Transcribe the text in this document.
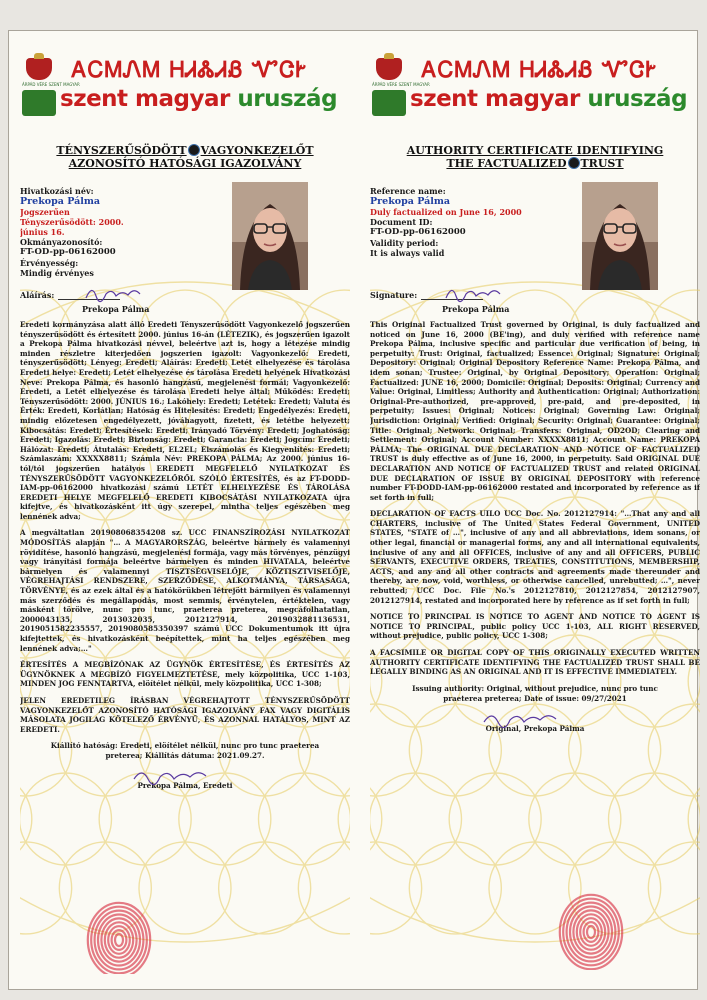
ÁRPÁD VÉRE SZENT MAGYAR
ᎪᏟᎷᏁᎷ ᎻᏗᏜᏗᏰ ᏉᏣᎨ
szent magyar uruszág
TÉNYSZERŰSÖDÖTT VAGYONKEZELŐT
AZONOSÍTÓ HATÓSÁGI IGAZOLVÁNY
Hivatkozási név:
Prekopa Pálma
Jogszerűen Tényszerűsödött: 2000. június 16.
Okmányazonosító:
FT-OD-pp-06162000
Érvényesség:
Mindig érvényes
Aláírás:
Prekopa Pálma

Eredeti kormányzása alatt álló Eredeti Tényszerűsödött Vagyonkezelő jogszerűen tényszerűsödött és értesített 2000. június 16-án (LÉTEZIK), és jogszerűen igazolt a Prekopa Pálma hivatkozási névvel, beleértve azt is, hogy a létezése mindig minden részletre kiterjedően jogszerien igazolt: Vagyonkezelő: Eredeti, tényszerűsödött; Lényeg: Eredeti; Aláírás: Eredeti; Letét elhelyezése és tárolása Eredeti helye: Eredeti; Letét elhelyezése és tárolása Eredeti helyének Hivatkozási Neve: Prekopa Pálma, és hasonló hangzású, megjelenési formái; Vagyonkezelő: Eredeti, a Letét elhelyezése és tárolása Eredeti helye által; Működés: Eredeti; Tényszerűsödött: 2000. JÚNIUS 16.; Lakóhely: Eredeti; Letétek: Eredeti; Valuta és Érték: Eredeti, Korlátlan; Hatóság és Hitelesítés: Eredeti; Engedélyezés: Eredeti, mindig előzetesen engedélyezett, jóváhagyott, fizetett, és letétbe helyezett; Kibocsátás: Eredeti; Értesítések: Eredeti; Irányadó Törvény: Eredeti; Joghatóság: Eredeti; Igazolás: Eredeti; Biztonság: Eredeti; Garancia: Eredeti; Jogcím: Eredeti; Hálózat: Eredeti; Átutalás: Eredeti, EL2EL; Elszámolás és Kiegyenlítés: Eredeti; Számlaszám: XXXXX8811; Számla Név: PREKOPA PÁLMA; Az 2000. június 16-tól/tól jogszerűen hatályos EREDETI MEGFELELŐ NYILATKOZAT ÉS TÉNYSZERŰSÖDÖTT VAGYONKEZELŐRŐL SZÓLÓ ÉRTESÍTÉS, és az FT-DODD-IAM-pp-06162000 hivatkozási számú LETÉT ELHELYEZÉSE ÉS TÁROLÁSA EREDETI HELYE MEGFELELŐ EREDETI KIBOCSÁTÁSI NYILATKOZATA újra kifejtve, és hivatkozásként itt úgy szerepel, mintha teljes egészében meg lennének adva;

A megváltatlan 201908068354208 sz. UCC FINANSZÍROZÁSI NYILATKOZAT MÓDOSÍTÁS alapján "… A MAGYARORSZÁG, beleértve bármely és valamennyi rövidítése, hasonló hangzású, megjelenési formája, vagy más törvényes, pénzügyi vagy irányítási formája beleértve bármelyen és minden HIVATALA, beleértve bármelyen és valamennyi TISZTSÉGVISELŐJE, KÖZTISZTVISELŐJE, VÉGREHAJTÁSI RENDSZERE, SZERZŐDÉSE, ALKOTMÁNYA, TÁRSASÁGA, TÖRVÉNYE, és az ezek által és a hatókörükben létrejött bármilyen és valamennyi más szerződés és megállapodás, most semmis, érvénytelen, értéktelen, vagy másként törölve, nunc pro tunc, praeterea preterea, megcáfolhatatlan, 2000043135, 2013032035, 2012127914, 2019032881136531, 2019051582235557, 2019080585350397 számú UCC Dokumentumok itt újra kifejtettek, és hivatkozásként beépítettek, mint ha teljes egészében meg lennének adva;…"

ÉRTESÍTÉS A MEGBÍZÓNAK AZ ÜGYNÖK ÉRTESÍTÉSE, ÉS ÉRTESÍTÉS AZ ÜGYNÖKNEK A MEGBÍZÓ FIGYELMEZTETÉSE, mely közpolitika, UCC 1-103, MINDEN JOG FENNTARTVA, elöítélet nélkül, mely közpolitika, UCC 1-308;

JELEN EREDETILEG ÍRÁSBAN VÉGREHAJTOTT TÉNYSZERŰSÖDÖTT VAGYONKEZELŐT AZONOSÍTÓ HATÓSÁGI IGAZOLVÁNY FAX VAGY DIGITÁLIS MÁSOLATA JOGILAG KÖTELEZŐ ÉRVÉNYŰ, ÉS AZONNAL HATÁLYOS, MINT AZ EREDETI.

Kiállító hatóság: Eredeti, elöítélet nélkül, nunc pro tunc praeterea
preterea; Kiállítás dátuma: 2021.09.27.
Prekopa Pálma, Eredeti
ÁRPÁD VÉRE SZENT MAGYAR
ᎪᏟᎷᏁᎷ ᎻᏗᏜᏗᏰ ᏉᏣᎨ
szent magyar uruszág
AUTHORITY CERTIFICATE IDENTIFYING
THE FACTUALIZED TRUST
Reference name:
Prekopa Pálma
Duly factualized on June 16, 2000
Document ID:
FT-OD-pp-06162000
Validity period:
It is always valid
Signature:
Prekopa Pálma

This Original Factualized Trust governed by Original, is duly factualized and noticed on June 16, 2000 (BE'ing), and duly verified with reference name Prekopa Pálma, inclusive specific and particular due verification of being, in perpetuity: Trust: Original, factualized; Essence: Original; Signature: Original; Depository: Original; Original Depository Reference Name: Prekopa Pálma, and idem sonan; Trustee: Original, by Original Depository; Operation: Original; Factualized: JUNE 16, 2000; Domicile: Original; Deposits: Original; Currency and Value: Original, Limitless; Authority and Authentication: Original; Authorization: Original-Pre-authorized, pre-approved, pre-paid, and pre-deposited, in perpetuity; Issues: Original; Notices: Original; Governing Law: Original; Jurisdiction: Original; Verified: Original; Security: Original; Guarantee: Original; Title: Original; Network: Original; Transfers: Original, OD2OD; Clearing and Settlement: Original; Account Number: XXXXX8811; Account Name: PREKOPA PÁLMA; The ORIGINAL DUE DECLARATION AND NOTICE OF FACTUALIZED TRUST is duly effective as of June 16, 2000, in perpetuity. Said ORIGINAL DUE DECLARATION AND NOTICE OF FACTUALIZED TRUST and related ORIGINAL DUE DECLARATION OF ISSUE BY ORIGINAL DEPOSITORY with reference number FT-DODD-IAM-pp-06162000 restated and incorporated by reference as if set forth in full;

DECLARATION OF FACTS UILO UCC Doc. No. 2012127914: "…That any and all CHARTERS, inclusive of The United States Federal Government, UNITED STATES, "STATE of …", inclusive of any and all abbreviations, idem sonans, or other legal, financial or managerial forms, any and all international equivalents, inclusive of any and all OFFICES, inclusive of any and all OFFICERS, PUBLIC SERVANTS, EXECUTIVE ORDERS, TREATIES, CONSTITUTIONS, MEMBERSHIP, ACTS, and any and all other contracts and agreements made thereunder and thereby, are now, void, worthless, or otherwise cancelled, unrebutted; …", never rebutted; UCC Doc. File No.'s 2012127810, 2012127854, 2012127907, 2012127914, restated and incorporated here by reference as if set forth in full;

NOTICE TO PRINCIPAL IS NOTICE TO AGENT AND NOTICE TO AGENT IS NOTICE TO PRINCIPAL, public policy UCC 1-103, ALL RIGHT RESERVED, without prejudice, public policy, UCC 1-308;

A FACSIMILE OR DIGITAL COPY OF THIS ORIGINALLY EXECUTED WRITTEN AUTHORITY CERTIFICATE IDENTIFYING THE FACTUALIZED TRUST SHALL BE LEGALLY BINDING AS AN ORIGINAL AND IT IS EFFECTIVE IMMEDIATELY.

Issuing authority: Original, without prejudice, nunc pro tunc
praeterea preterea; Date of issue: 09/27/2021
Original, Prekopa Pálma
